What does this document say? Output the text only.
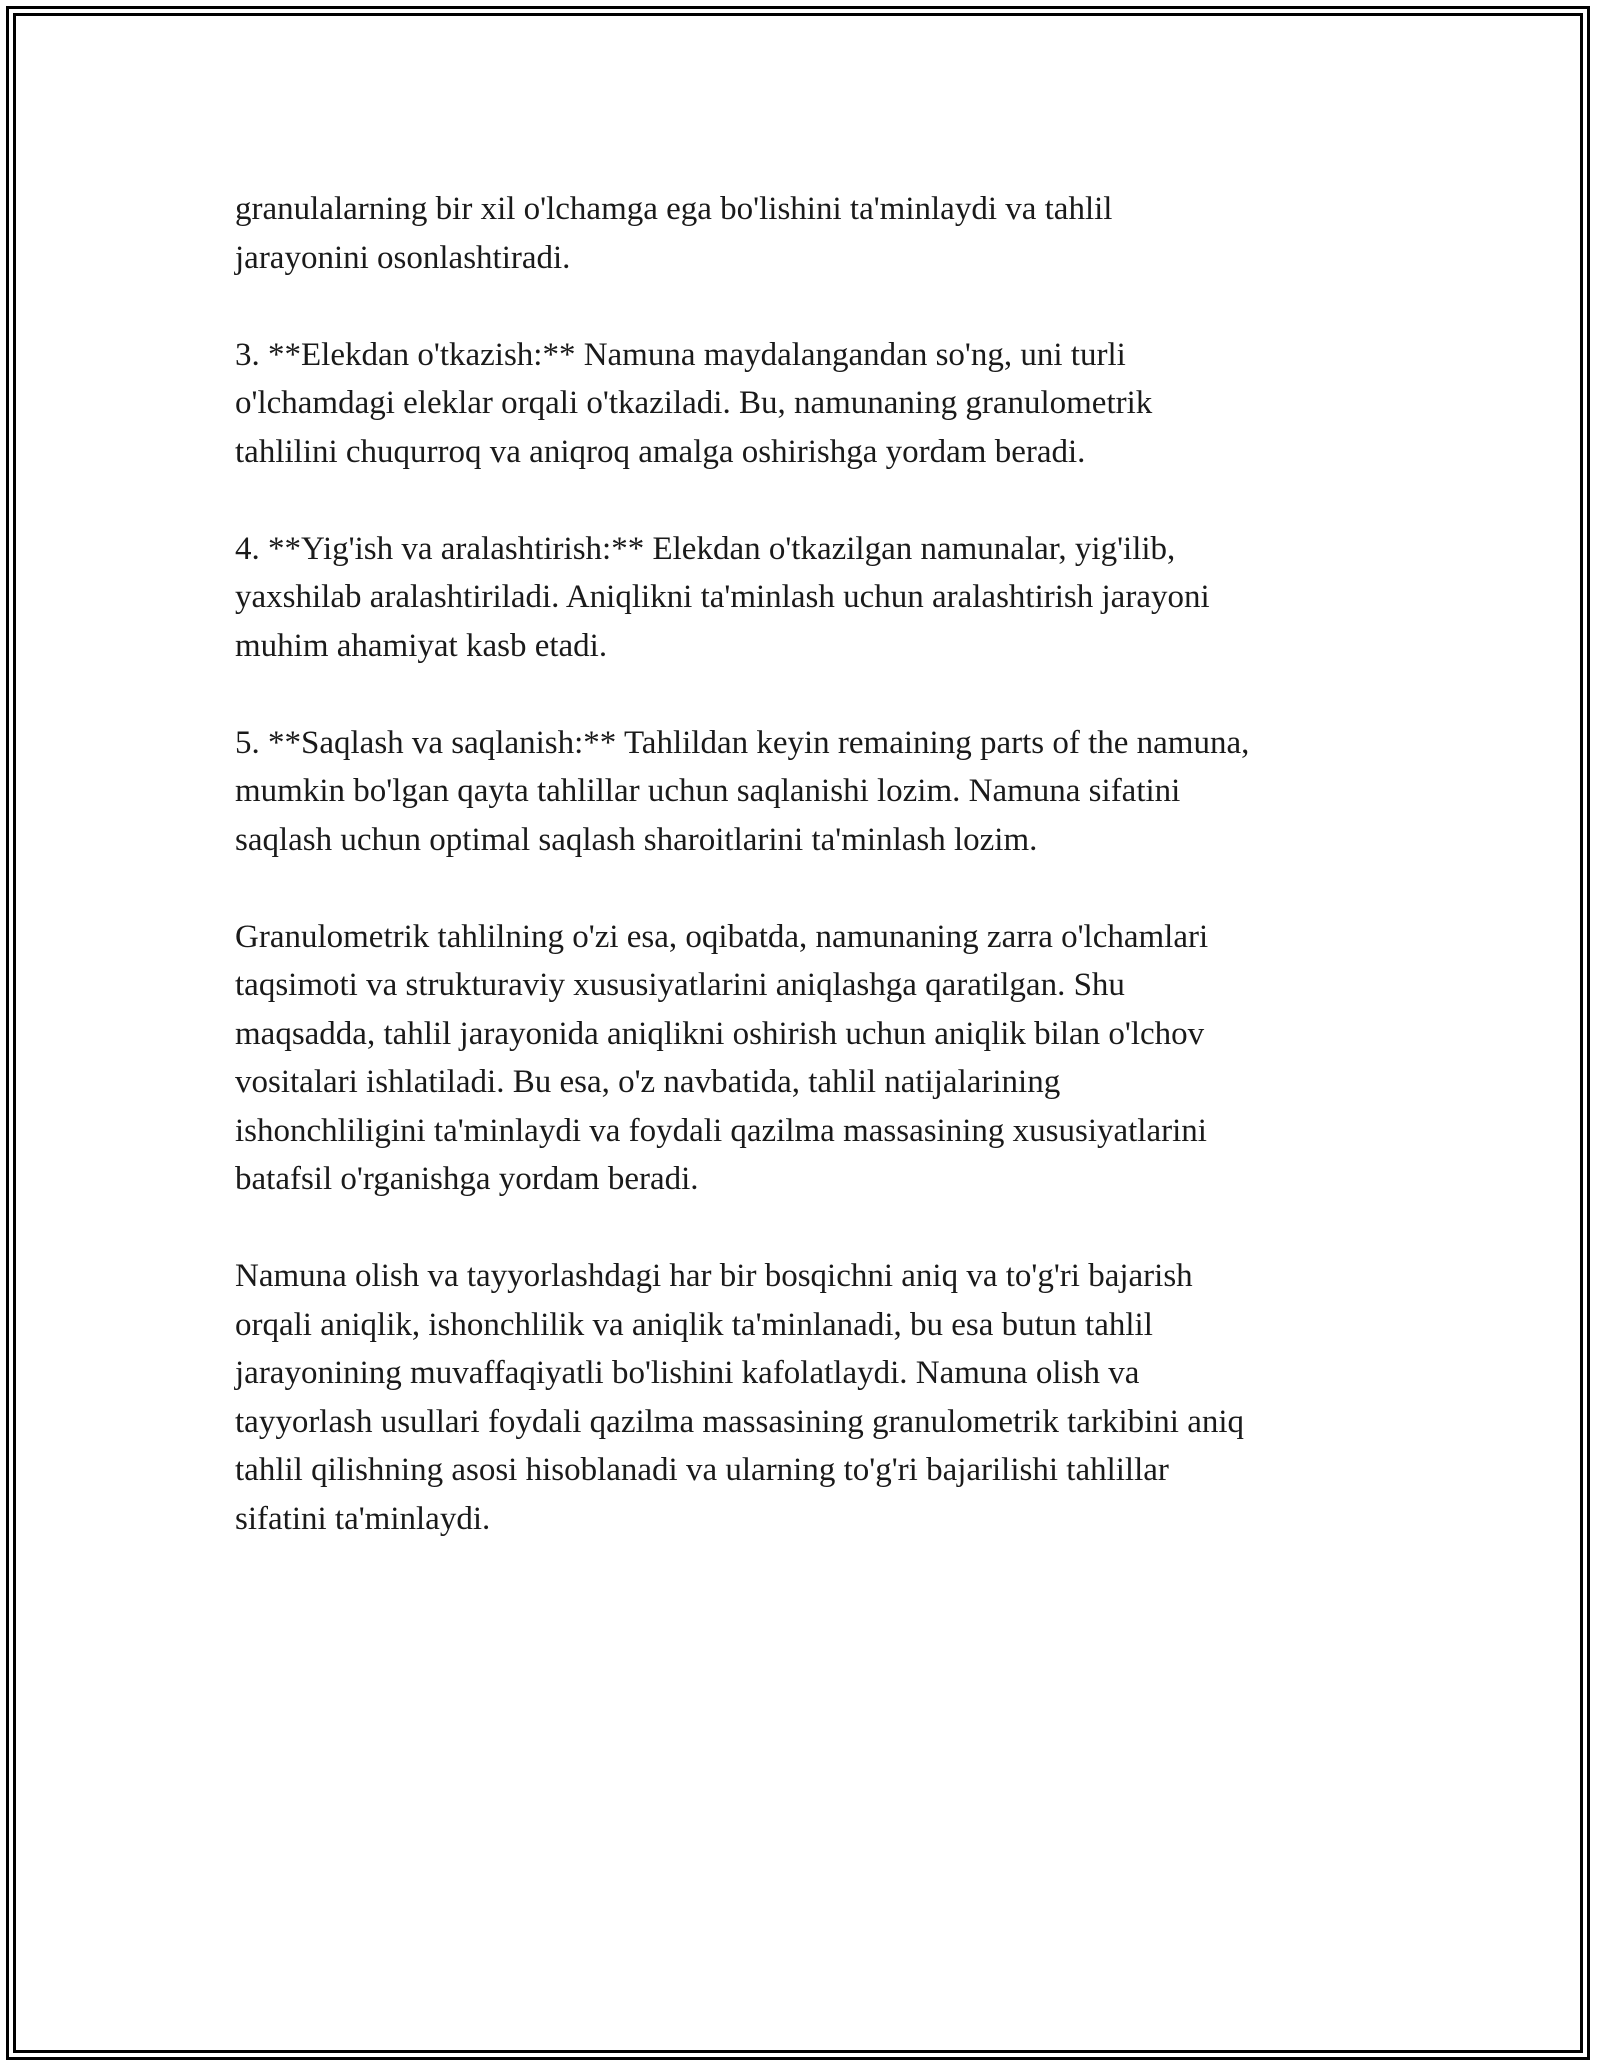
granulalarning bir xil o'lchamga ega bo'lishini ta'minlaydi va tahlil
jarayonini osonlashtiradi.
3. **Elekdan o'tkazish:** Namuna maydalangandan so'ng, uni turli
o'lchamdagi eleklar orqali o'tkaziladi. Bu, namunaning granulometrik
tahlilini chuqurroq va aniqroq amalga oshirishga yordam beradi.
4. **Yig'ish va aralashtirish:** Elekdan o'tkazilgan namunalar, yig'ilib,
yaxshilab aralashtiriladi. Aniqlikni ta'minlash uchun aralashtirish jarayoni
muhim ahamiyat kasb etadi.
5. **Saqlash va saqlanish:** Tahlildan keyin remaining parts of the namuna,
mumkin bo'lgan qayta tahlillar uchun saqlanishi lozim. Namuna sifatini
saqlash uchun optimal saqlash sharoitlarini ta'minlash lozim.
Granulometrik tahlilning o'zi esa, oqibatda, namunaning zarra o'lchamlari
taqsimoti va strukturaviy xususiyatlarini aniqlashga qaratilgan. Shu
maqsadda, tahlil jarayonida aniqlikni oshirish uchun aniqlik bilan o'lchov
vositalari ishlatiladi. Bu esa, o'z navbatida, tahlil natijalarining
ishonchliligini ta'minlaydi va foydali qazilma massasining xususiyatlarini
batafsil o'rganishga yordam beradi.
Namuna olish va tayyorlashdagi har bir bosqichni aniq va to'g'ri bajarish
orqali aniqlik, ishonchlilik va aniqlik ta'minlanadi, bu esa butun tahlil
jarayonining muvaffaqiyatli bo'lishini kafolatlaydi. Namuna olish va
tayyorlash usullari foydali qazilma massasining granulometrik tarkibini aniq
tahlil qilishning asosi hisoblanadi va ularning to'g'ri bajarilishi tahlillar
sifatini ta'minlaydi.
